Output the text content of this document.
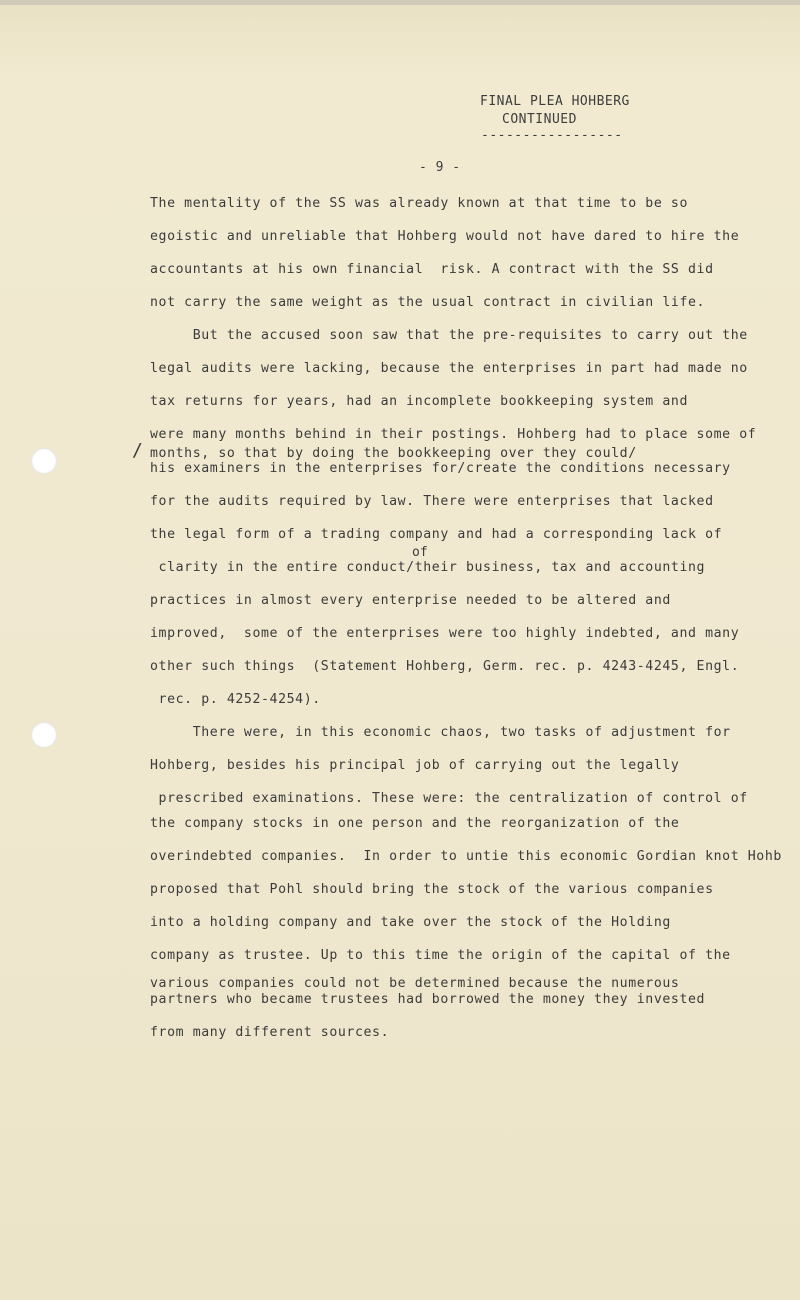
FINAL PLEA HOHBERG
CONTINUED
-----------------
- 9 -
The mentality of the SS was already known at that time to be so
egoistic and unreliable that Hohberg would not have dared to hire the
accountants at his own financial  risk. A contract with the SS did
not carry the same weight as the usual contract in civilian life.
But the accused soon saw that the pre-requisites to carry out the
legal audits were lacking, because the enterprises in part had made no
tax returns for years, had an incomplete bookkeeping system and
were many months behind in their postings. Hohberg had to place some of
months, so that by doing the bookkeeping over they could/
his examiners in the enterprises for/create the conditions necessary
for the audits required by law. There were enterprises that lacked
the legal form of a trading company and had a corresponding lack of
clarity in the entire conduct/their business, tax and accounting
practices in almost every enterprise needed to be altered and
improved,  some of the enterprises were too highly indebted, and many
other such things  (Statement Hohberg, Germ. rec. p. 4243-4245, Engl.
rec. p. 4252-4254).
There were, in this economic chaos, two tasks of adjustment for
Hohberg, besides his principal job of carrying out the legally
prescribed examinations. These were: the centralization of control of
the company stocks in one person and the reorganization of the
overindebted companies.  In order to untie this economic Gordian knot Hohb
proposed that Pohl should bring the stock of the various companies
into a holding company and take over the stock of the Holding
company as trustee. Up to this time the origin of the capital of the
various companies could not be determined because the numerous
partners who became trustees had borrowed the money they invested
from many different sources.
of
/
